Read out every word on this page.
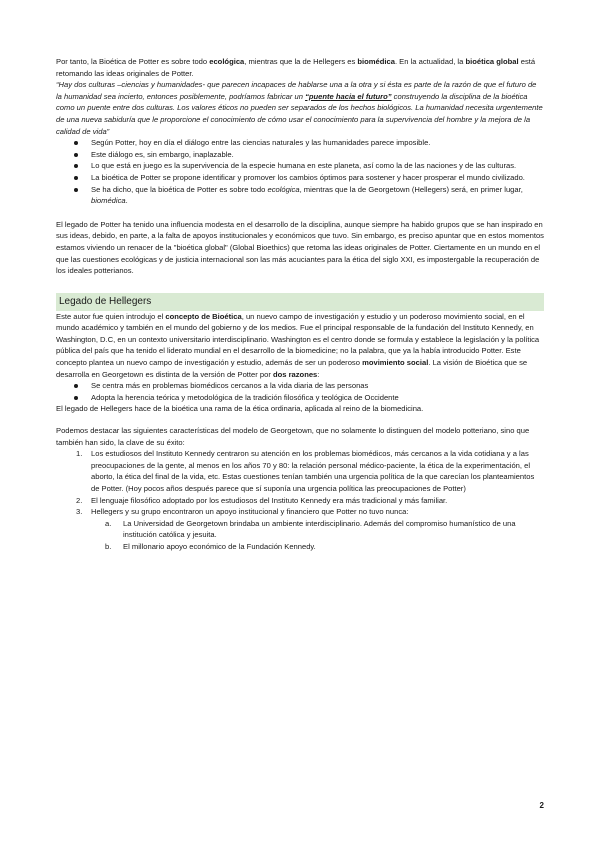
Por tanto, la Bioética de Potter es sobre todo ecológica, mientras que la de Hellegers es biomédica. En la actualidad, la bioética global está retomando las ideas originales de Potter.

“Hay dos culturas –ciencias y humanidades- que parecen incapaces de hablarse una a la otra y si ésta es parte de la razón de que el futuro de la humanidad sea incierto, entonces posiblemente, podríamos fabricar un “puente hacia el futuro” construyendo la disciplina de la bioética como un puente entre dos culturas. Los valores éticos no pueden ser separados de los hechos biológicos. La humanidad necesita urgentemente de una nueva sabiduría que le proporcione el conocimiento de cómo usar el conocimiento para la supervivencia del hombre y la mejora de la calidad de vida”

Según Potter, hoy en día el diálogo entre las ciencias naturales y las humanidades parece imposible.
Este diálogo es, sin embargo, inaplazable.
Lo que está en juego es la supervivencia de la especie humana en este planeta, así como la de las naciones y de las culturas.
La bioética de Potter se propone identificar y promover los cambios óptimos para sostener y hacer prosperar el mundo civilizado.
Se ha dicho, que la bioética de Potter es sobre todo ecológica, mientras que la de Georgetown (Hellegers) será, en primer lugar, biomédica.

El legado de Potter ha tenido una influencia modesta en el desarrollo de la disciplina, aunque siempre ha habido grupos que se han inspirado en sus ideas, debido, en parte, a la falta de apoyos institucionales y económicos que tuvo. Sin embargo, es preciso apuntar que en estos momentos estamos viviendo un renacer de la "bioética global" (Global Bioethics) que retoma las ideas originales de Potter. Ciertamente en un mundo en el que las cuestiones ecológicas y de justicia internacional son las más acuciantes para la ética del siglo XXI, es impostergable la recuperación de los ideales potterianos.

Legado de Hellegers

Este autor fue quien introdujo el concepto de Bioética, un nuevo campo de investigación y estudio y un poderoso movimiento social, en el mundo académico y también en el mundo del gobierno y de los medios. Fue el principal responsable de la fundación del Instituto Kennedy, en Washington, D.C, en un contexto universitario interdisciplinario. Washington es el centro donde se formula y establece la legislación y la política pública del país que ha tenido el liderato mundial en el desarrollo de la biomedicine; no la palabra, que ya la había introducido Potter. Este concepto plantea un nuevo campo de investigación y estudio, además de ser un poderoso movimiento social. La visión de Bioética que se desarrolla en Georgetown es distinta de la versión de Potter por dos razones:

Se centra más en problemas biomédicos cercanos a la vida diaria de las personas
Adopta la herencia teórica y metodológica de la tradición filosófica y teológica de Occidente

El legado de Hellegers hace de la bioética una rama de la ética ordinaria, aplicada al reino de la biomedicina.

Podemos destacar las siguientes características del modelo de Georgetown, que no solamente lo distinguen del modelo potteriano, sino que también han sido, la clave de su éxito:

1. Los estudiosos del Instituto Kennedy centraron su atención en los problemas biomédicos, más cercanos a la vida cotidiana y a las preocupaciones de la gente, al menos en los años 70 y 80: la relación personal médico-paciente, la ética de la experimentación, el aborto, la ética del final de la vida, etc. Estas cuestiones tenían también una urgencia política de la que carecían los planteamientos de Potter. (Hoy pocos años después parece que sí suponía una urgencia política las preocupaciones de Potter)
2. El lenguaje filosófico adoptado por los estudiosos del Instituto Kennedy era más tradicional y más familiar.
3. Hellegers y su grupo encontraron un apoyo institucional y financiero que Potter no tuvo nunca:
a. La Universidad de Georgetown brindaba un ambiente interdisciplinario. Además del compromiso humanístico de una institución católica y jesuita.
b. El millonario apoyo económico de la Fundación Kennedy.
2
